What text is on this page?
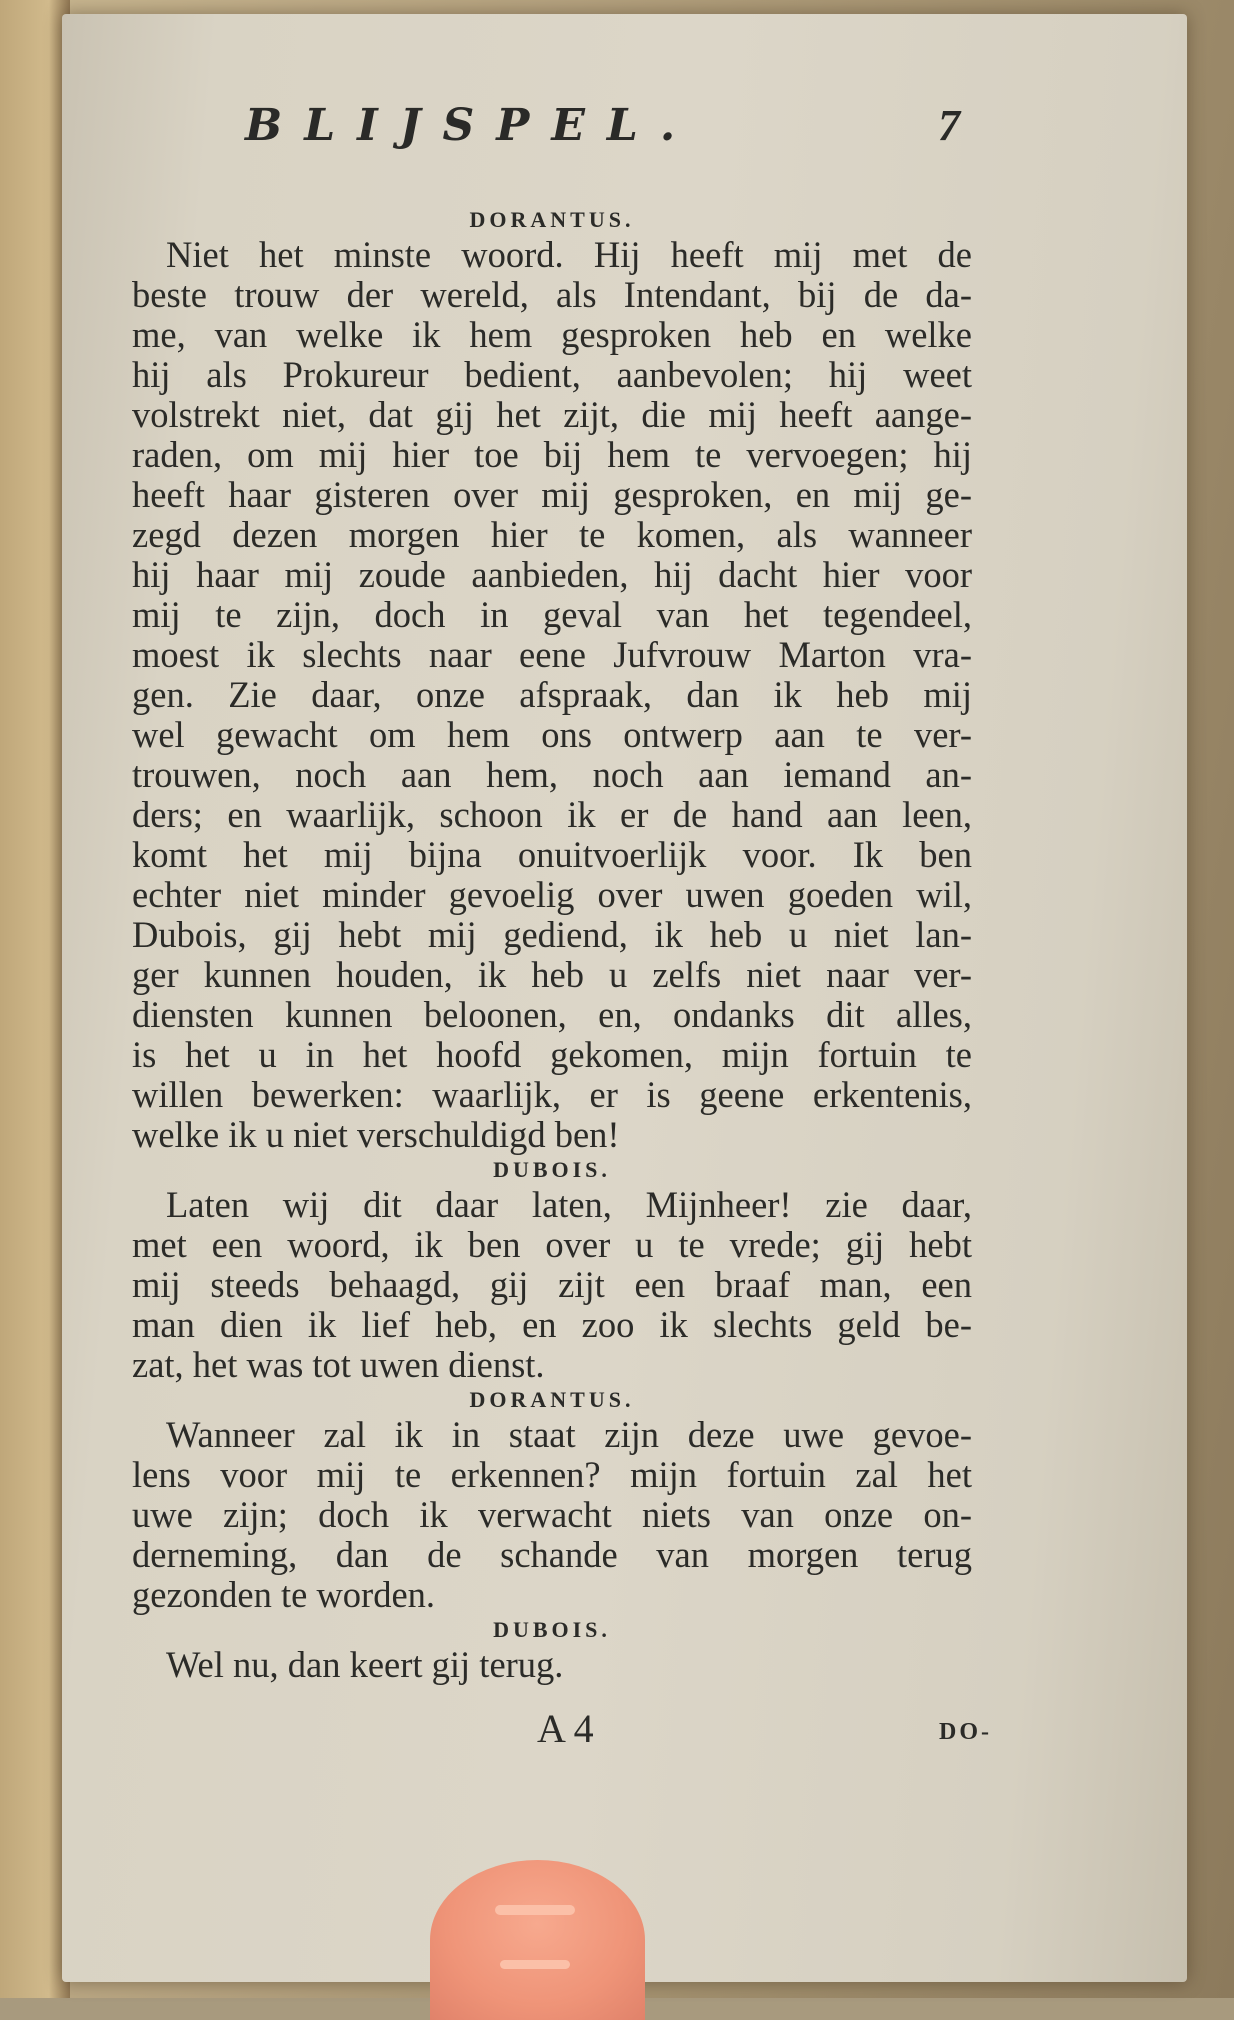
BLIJSPEL.	7
DORANTUS.
Niet het minste woord. Hij heeft mij met de
beste trouw der wereld, als Intendant, bij de da-
me, van welke ik hem gesproken heb en welke
hij als Prokureur bedient, aanbevolen; hij weet
volstrekt niet, dat gij het zijt, die mij heeft aange-
raden, om mij hier toe bij hem te vervoegen; hij
heeft haar gisteren over mij gesproken, en mij ge-
zegd dezen morgen hier te komen, als wanneer
hij haar mij zoude aanbieden, hij dacht hier voor
mij te zijn, doch in geval van het tegendeel,
moest ik slechts naar eene Jufvrouw Marton vra-
gen. Zie daar, onze afspraak, dan ik heb mij
wel gewacht om hem ons ontwerp aan te ver-
trouwen, noch aan hem, noch aan iemand an-
ders; en waarlijk, schoon ik er de hand aan leen,
komt het mij bijna onuitvoerlijk voor. Ik ben
echter niet minder gevoelig over uwen goeden wil,
Dubois, gij hebt mij gediend, ik heb u niet lan-
ger kunnen houden, ik heb u zelfs niet naar ver-
diensten kunnen beloonen, en, ondanks dit alles,
is het u in het hoofd gekomen, mijn fortuin te
willen bewerken: waarlijk, er is geene erkentenis,
welke ik u niet verschuldigd ben!
DUBOIS.
Laten wij dit daar laten, Mijnheer! zie daar,
met een woord, ik ben over u te vrede; gij hebt
mij steeds behaagd, gij zijt een braaf man, een
man dien ik lief heb, en zoo ik slechts geld be-
zat, het was tot uwen dienst.
DORANTUS.
Wanneer zal ik in staat zijn deze uwe gevoe-
lens voor mij te erkennen? mijn fortuin zal het
uwe zijn; doch ik verwacht niets van onze on-
derneming, dan de schande van morgen terug
gezonden te worden.
DUBOIS.
Wel nu, dan keert gij terug.
A 4	DO-
